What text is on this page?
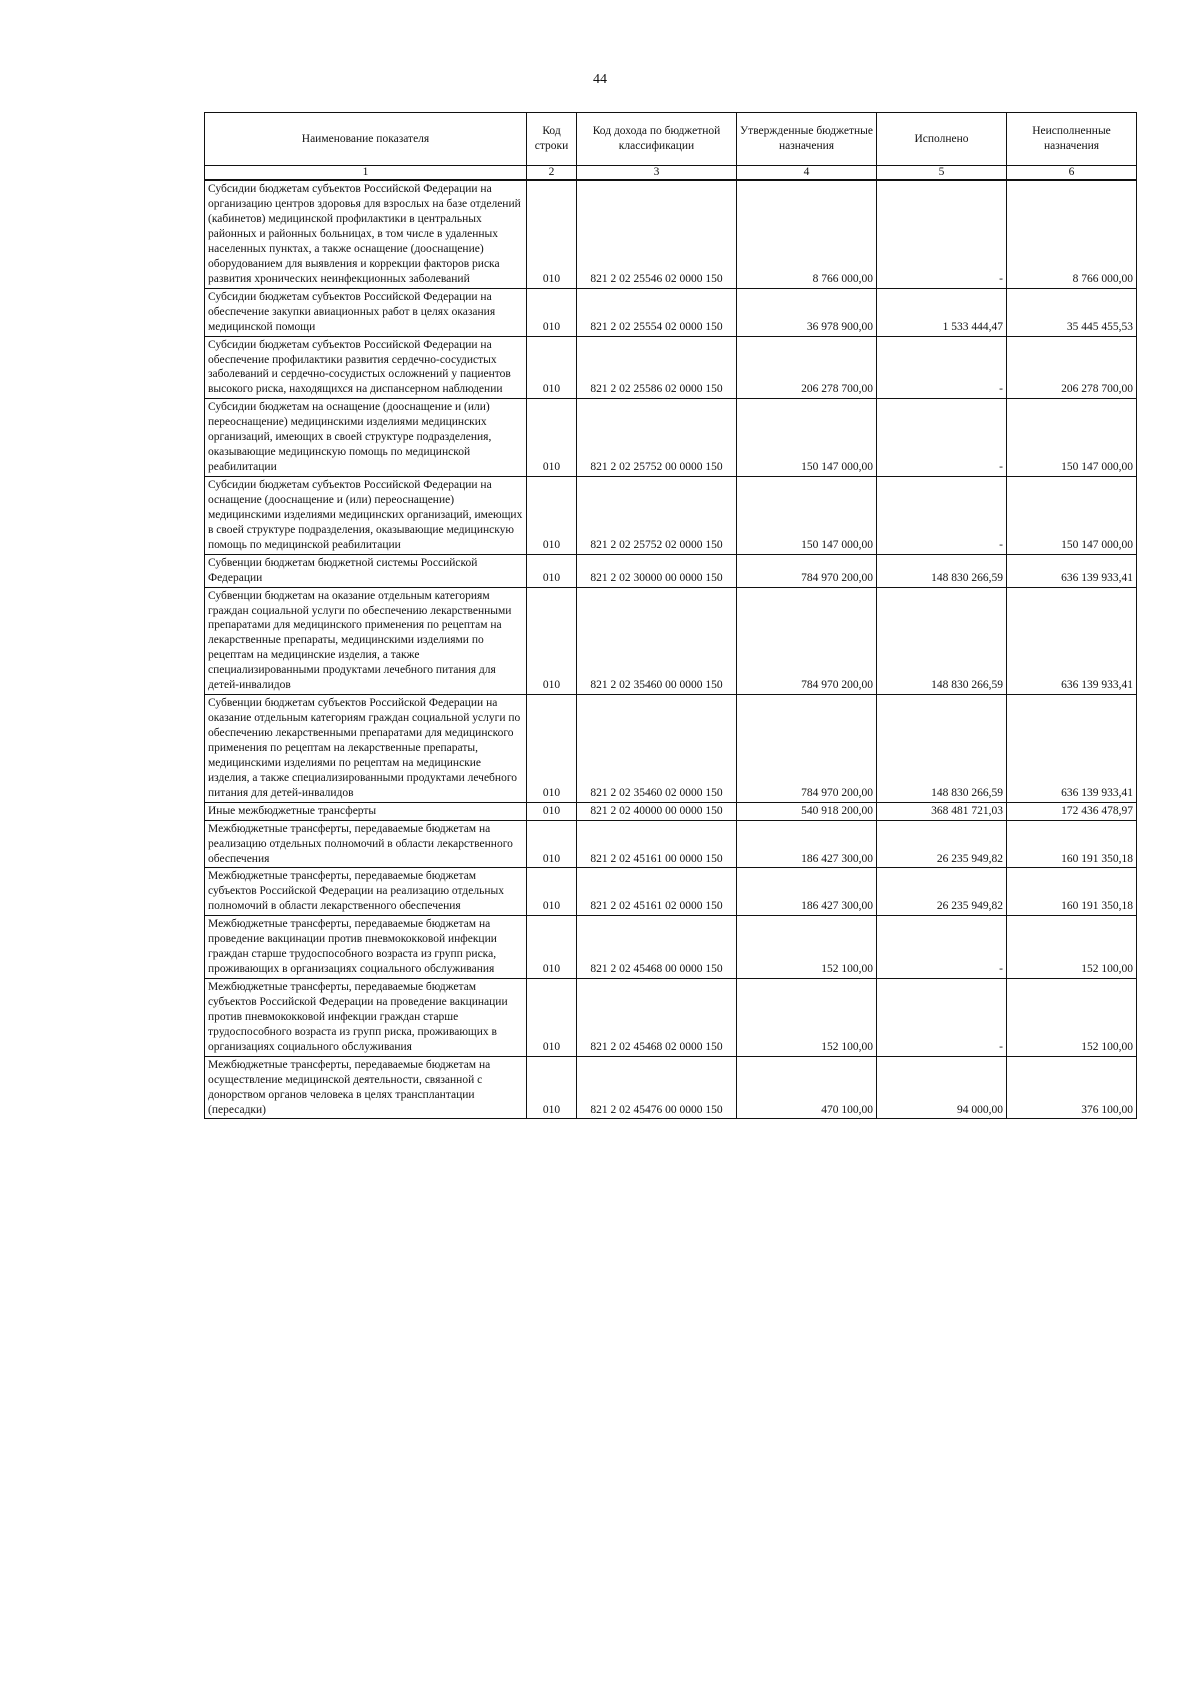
44
Наименование показателя	Код строки	Код дохода по бюджетной классификации	Утвержденные бюджетные назначения	Исполнено	Неисполненные назначения
1	2	3	4	5	6
Субсидии бюджетам субъектов Российской Федерации на организацию центров здоровья для взрослых на базе отделений (кабинетов) медицинской профилактики в центральных районных и районных больницах, в том числе в удаленных населенных пунктах, а также оснащение (дооснащение) оборудованием для выявления и коррекции факторов риска развития хронических неинфекционных заболеваний	010	821 2 02 25546 02 0000 150	8 766 000,00	-	8 766 000,00
Субсидии бюджетам субъектов Российской Федерации на обеспечение закупки авиационных работ в целях оказания медицинской помощи	010	821 2 02 25554 02 0000 150	36 978 900,00	1 533 444,47	35 445 455,53
Субсидии бюджетам субъектов Российской Федерации на обеспечение профилактики развития сердечно-сосудистых заболеваний и сердечно-сосудистых осложнений у пациентов высокого риска, находящихся на диспансерном наблюдении	010	821 2 02 25586 02 0000 150	206 278 700,00	-	206 278 700,00
Субсидии бюджетам на оснащение (дооснащение и (или) переоснащение) медицинскими изделиями медицинских организаций, имеющих в своей структуре подразделения, оказывающие медицинскую помощь по медицинской реабилитации	010	821 2 02 25752 00 0000 150	150 147 000,00	-	150 147 000,00
Субсидии бюджетам субъектов Российской Федерации на оснащение (дооснащение и (или) переоснащение) медицинскими изделиями медицинских организаций, имеющих в своей структуре подразделения, оказывающие медицинскую помощь по медицинской реабилитации	010	821 2 02 25752 02 0000 150	150 147 000,00	-	150 147 000,00
Субвенции бюджетам бюджетной системы Российской Федерации	010	821 2 02 30000 00 0000 150	784 970 200,00	148 830 266,59	636 139 933,41
Субвенции бюджетам на оказание отдельным категориям граждан социальной услуги по обеспечению лекарственными препаратами для медицинского применения по рецептам на лекарственные препараты, медицинскими изделиями по рецептам на медицинские изделия, а также специализированными продуктами лечебного питания для детей-инвалидов	010	821 2 02 35460 00 0000 150	784 970 200,00	148 830 266,59	636 139 933,41
Субвенции бюджетам субъектов Российской Федерации на оказание отдельным категориям граждан социальной услуги по обеспечению лекарственными препаратами для медицинского применения по рецептам на лекарственные препараты, медицинскими изделиями по рецептам на медицинские изделия, а также специализированными продуктами лечебного питания для детей-инвалидов	010	821 2 02 35460 02 0000 150	784 970 200,00	148 830 266,59	636 139 933,41
Иные межбюджетные трансферты	010	821 2 02 40000 00 0000 150	540 918 200,00	368 481 721,03	172 436 478,97
Межбюджетные трансферты, передаваемые бюджетам на реализацию отдельных полномочий в области лекарственного обеспечения	010	821 2 02 45161 00 0000 150	186 427 300,00	26 235 949,82	160 191 350,18
Межбюджетные трансферты, передаваемые бюджетам субъектов Российской Федерации на реализацию отдельных полномочий в области лекарственного обеспечения	010	821 2 02 45161 02 0000 150	186 427 300,00	26 235 949,82	160 191 350,18
Межбюджетные трансферты, передаваемые бюджетам на проведение вакцинации против пневмококковой инфекции граждан старше трудоспособного возраста из групп риска, проживающих в организациях социального обслуживания	010	821 2 02 45468 00 0000 150	152 100,00	-	152 100,00
Межбюджетные трансферты, передаваемые бюджетам субъектов Российской Федерации на проведение вакцинации против пневмококковой инфекции граждан старше трудоспособного возраста из групп риска, проживающих в организациях социального обслуживания	010	821 2 02 45468 02 0000 150	152 100,00	-	152 100,00
Межбюджетные трансферты, передаваемые бюджетам на осуществление медицинской деятельности, связанной с донорством органов человека в целях трансплантации (пересадки)	010	821 2 02 45476 00 0000 150	470 100,00	94 000,00	376 100,00
